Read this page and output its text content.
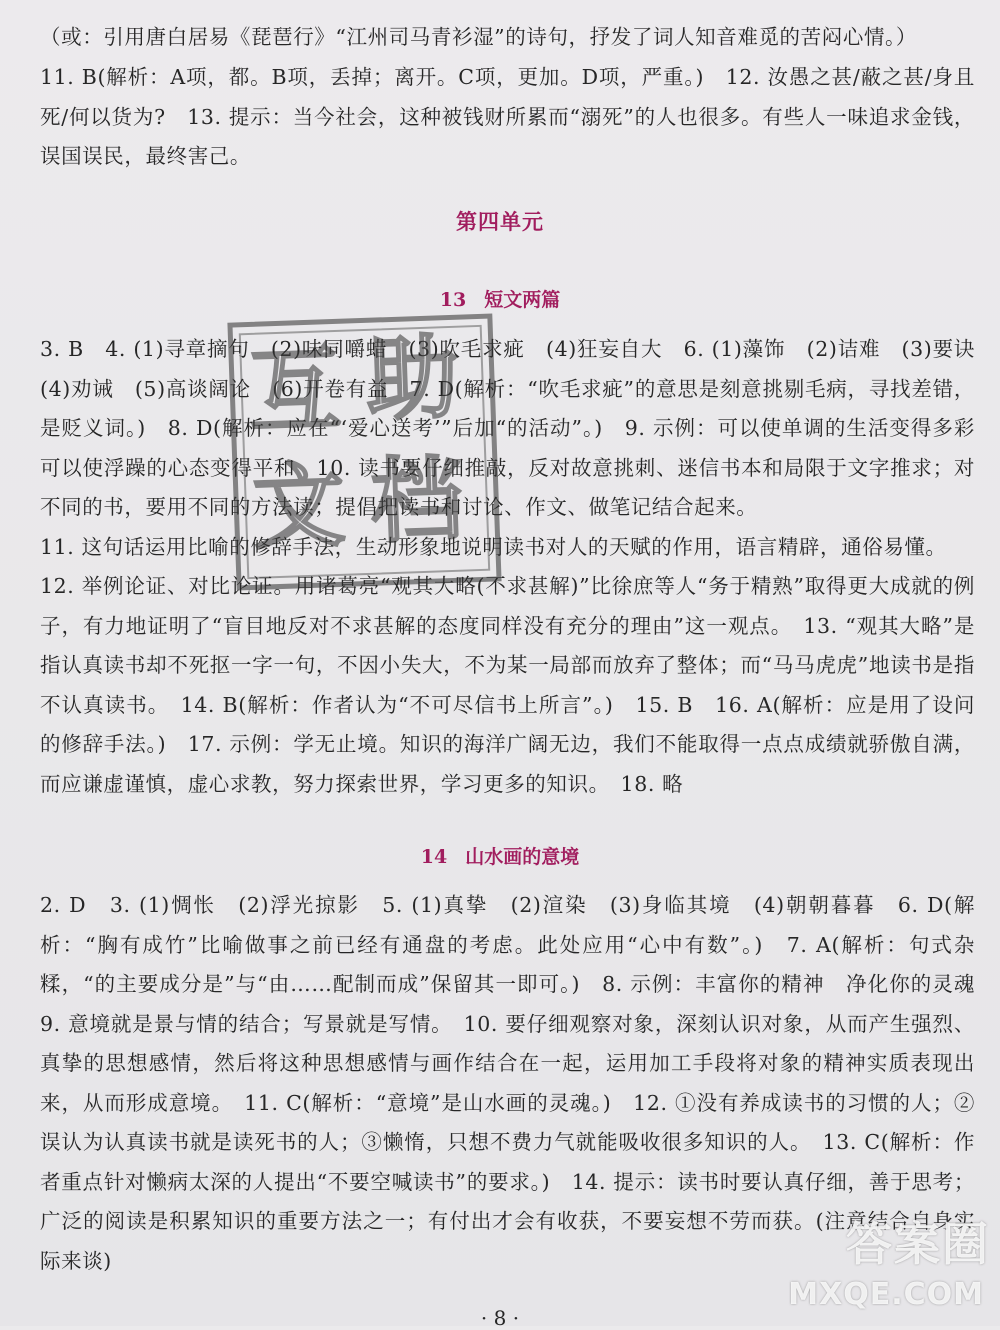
（或：引用唐白居易《琵琶行》“江州司马青衫湿”的诗句，抒发了词人知音难觅的苦闷心情。）

11. B(解析：A项，都。B项，丢掉；离开。C项，更加。D项，严重。)　12. 汝愚之甚/蔽之甚/身且死/何以货为?　13. 提示：当今社会，这种被钱财所累而“溺死”的人也很多。有些人一味追求金钱，误国误民，最终害己。

第四单元
13 短文两篇

3. B　4. (1)寻章摘句　(2)味同嚼蜡　(3)吹毛求疵　(4)狂妄自大　6. (1)藻饰　(2)诘难　(3)要诀　(4)劝诫　(5)高谈阔论　(6)开卷有益　7. D(解析：“吹毛求疵”的意思是刻意挑剔毛病，寻找差错，是贬义词。)　8. D(解析：应在“‘爱心送考’”后加“的活动”。)　9. 示例：可以使单调的生活变得多彩　可以使浮躁的心态变得平和　10. 读书要仔细推敲，反对故意挑刺、迷信书本和局限于文字推求；对不同的书，要用不同的方法读；提倡把读书和讨论、作文、做笔记结合起来。

11. 这句话运用比喻的修辞手法，生动形象地说明读书对人的天赋的作用，语言精辟，通俗易懂。

12. 举例论证、对比论证。用诸葛亮“观其大略(不求甚解)”比徐庶等人“务于精熟”取得更大成就的例子，有力地证明了“盲目地反对不求甚解的态度同样没有充分的理由”这一观点。　13. “观其大略”是指认真读书却不死抠一字一句，不因小失大，不为某一局部而放弃了整体；而“马马虎虎”地读书是指不认真读书。　14. B(解析：作者认为“不可尽信书上所言”。)　15. B　16. A(解析：应是用了设问的修辞手法。)　17. 示例：学无止境。知识的海洋广阔无边，我们不能取得一点点成绩就骄傲自满，而应谦虚谨慎，虚心求教，努力探索世界，学习更多的知识。　18. 略

14 山水画的意境

2. D　3. (1)惆怅　(2)浮光掠影　5. (1)真挚　(2)渲染　(3)身临其境　(4)朝朝暮暮　6. D(解析：“胸有成竹”比喻做事之前已经有通盘的考虑。此处应用“心中有数”。)　7. A(解析：句式杂糅，“的主要成分是”与“由……配制而成”保留其一即可。)　8. 示例：丰富你的精神　净化你的灵魂　9. 意境就是景与情的结合；写景就是写情。　10. 要仔细观察对象，深刻认识对象，从而产生强烈、真挚的思想感情，然后将这种思想感情与画作结合在一起，运用加工手段将对象的精神实质表现出来，从而形成意境。　11. C(解析：“意境”是山水画的灵魂。)　12. ①没有养成读书的习惯的人；②误认为认真读书就是读死书的人；③懒惰，只想不费力气就能吸收很多知识的人。　13. C(解析：作者重点针对懒病太深的人提出“不要空喊读书”的要求。)　14. 提示：读书时要认真仔细，善于思考；广泛的阅读是积累知识的重要方法之一；有付出才会有收获，不要妄想不劳而获。(注意结合自身实际来谈)

互 助
文 档
· 8 ·
答案圈
MXQE.COM
